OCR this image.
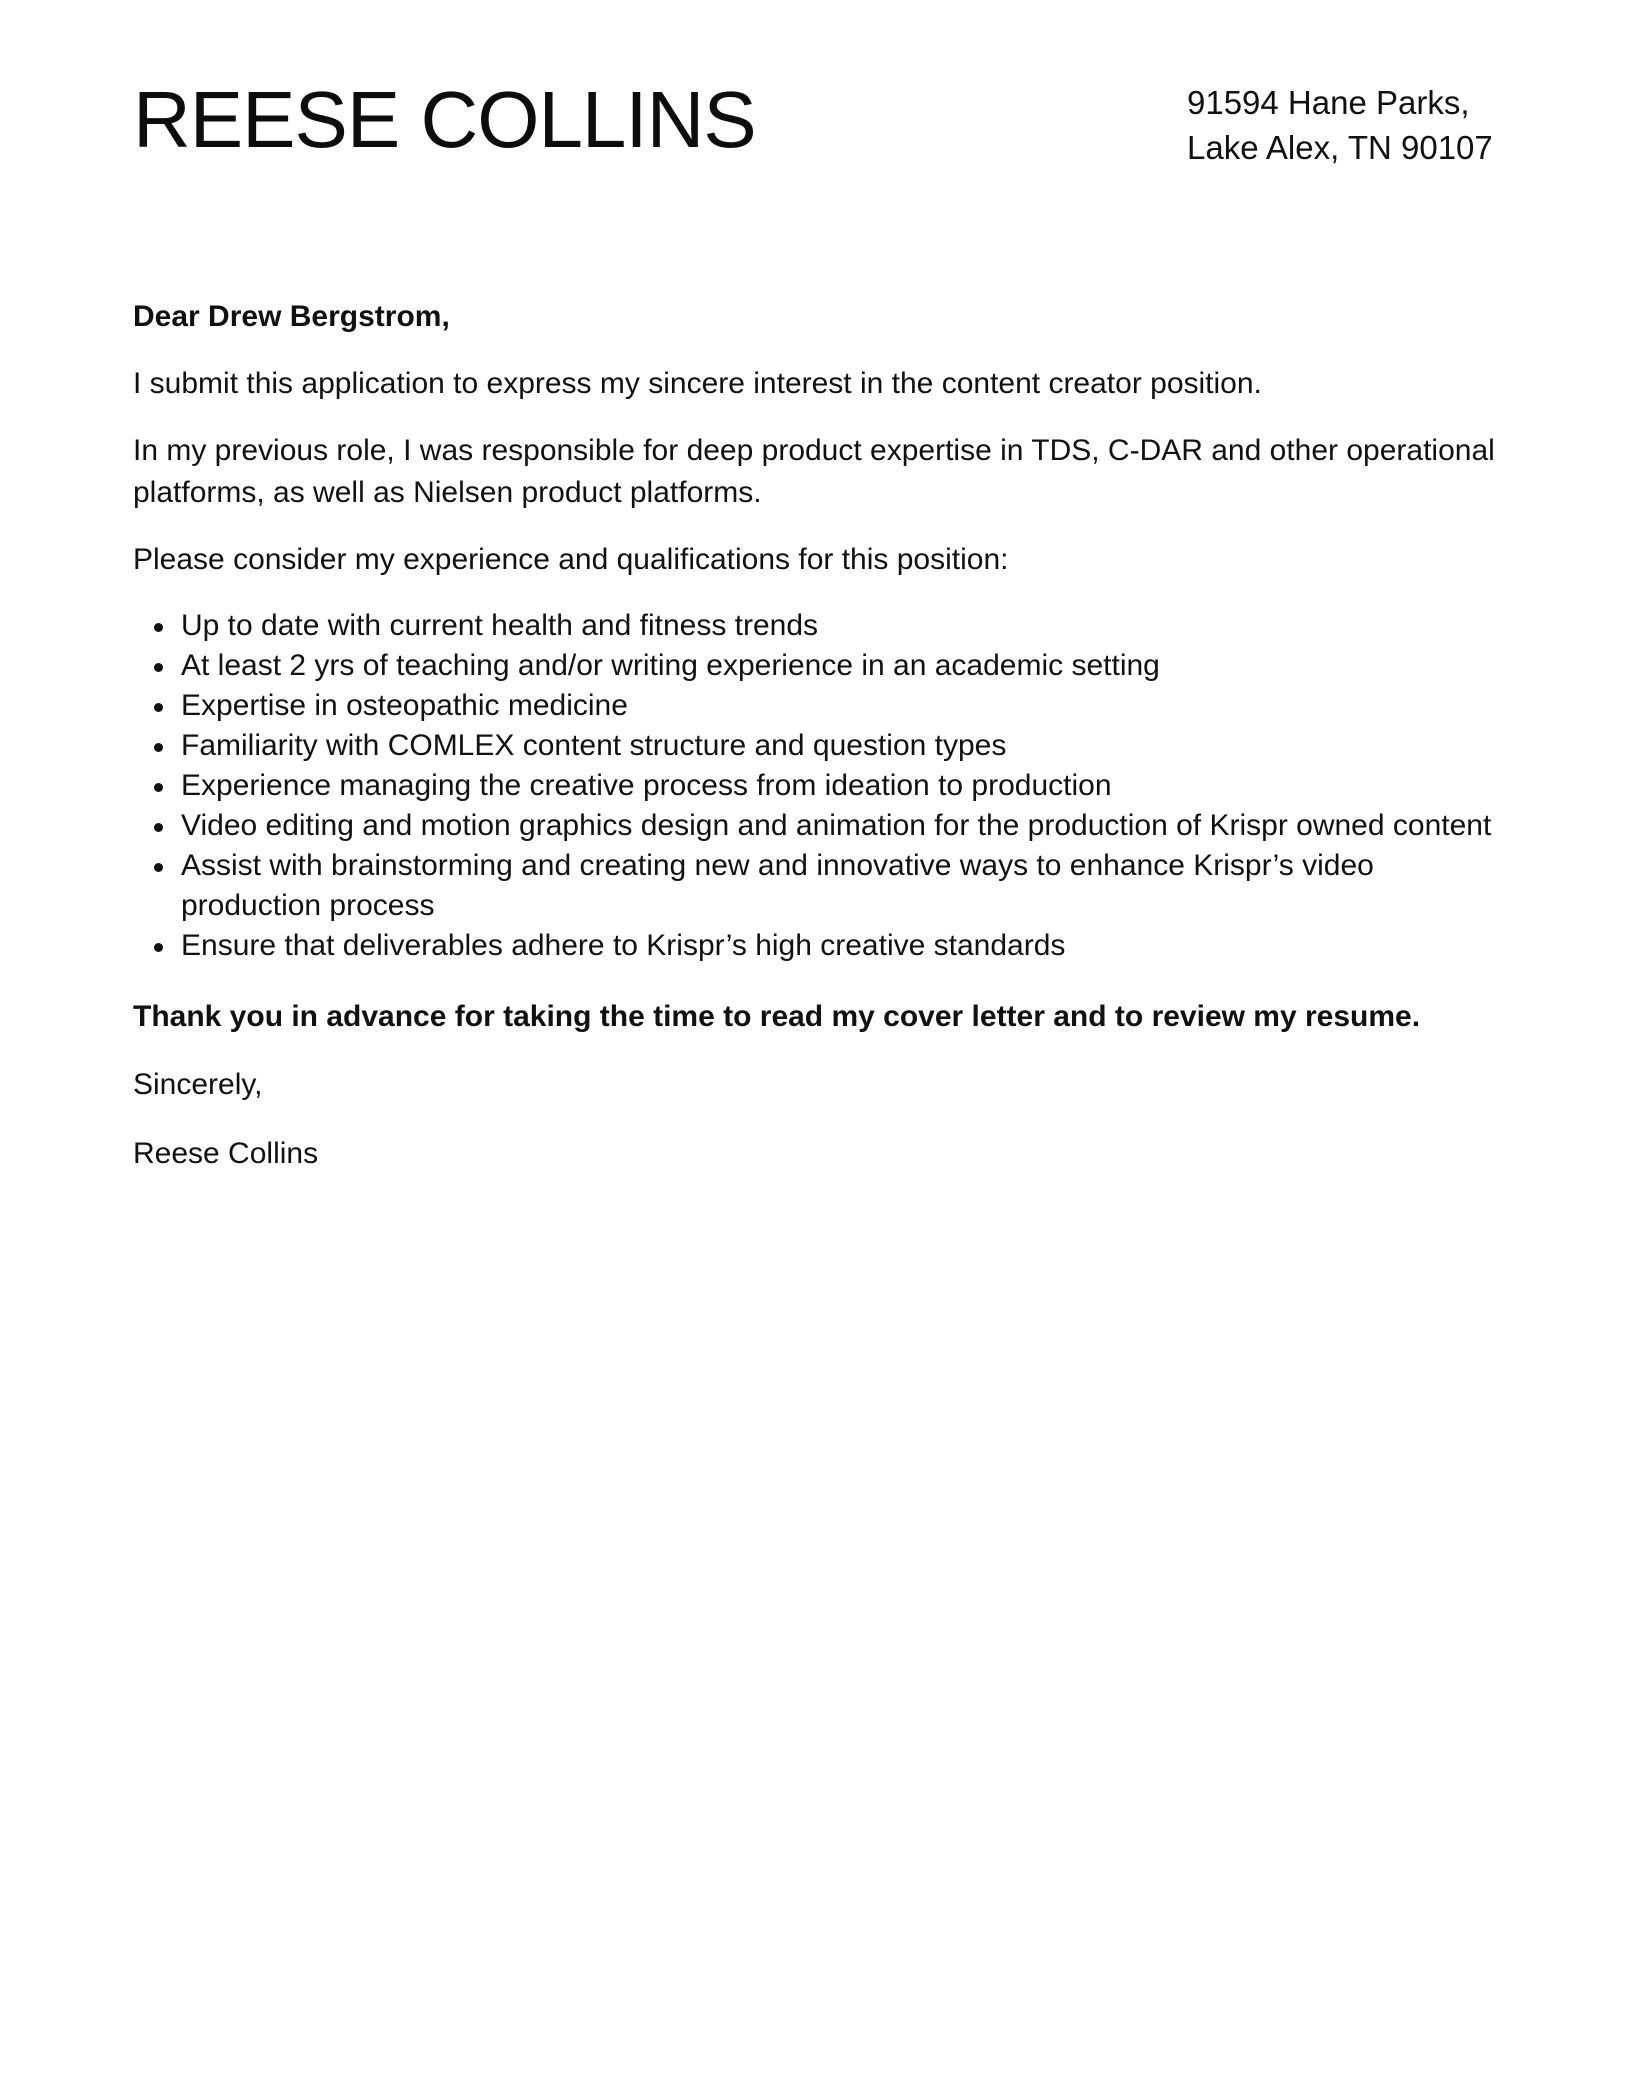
REESE COLLINS	91594 Hane Parks,
Lake Alex, TN 90107

Dear Drew Bergstrom,

I submit this application to express my sincere interest in the content creator position.

In my previous role, I was responsible for deep product expertise in TDS, C-DAR and other operational platforms, as well as Nielsen product platforms.

Please consider my experience and qualifications for this position:

Up to date with current health and fitness trends
At least 2 yrs of teaching and/or writing experience in an academic setting
Expertise in osteopathic medicine
Familiarity with COMLEX content structure and question types
Experience managing the creative process from ideation to production
Video editing and motion graphics design and animation for the production of Krispr owned content
Assist with brainstorming and creating new and innovative ways to enhance Krispr’s video production process
Ensure that deliverables adhere to Krispr’s high creative standards

Thank you in advance for taking the time to read my cover letter and to review my resume.

Sincerely,

Reese Collins
